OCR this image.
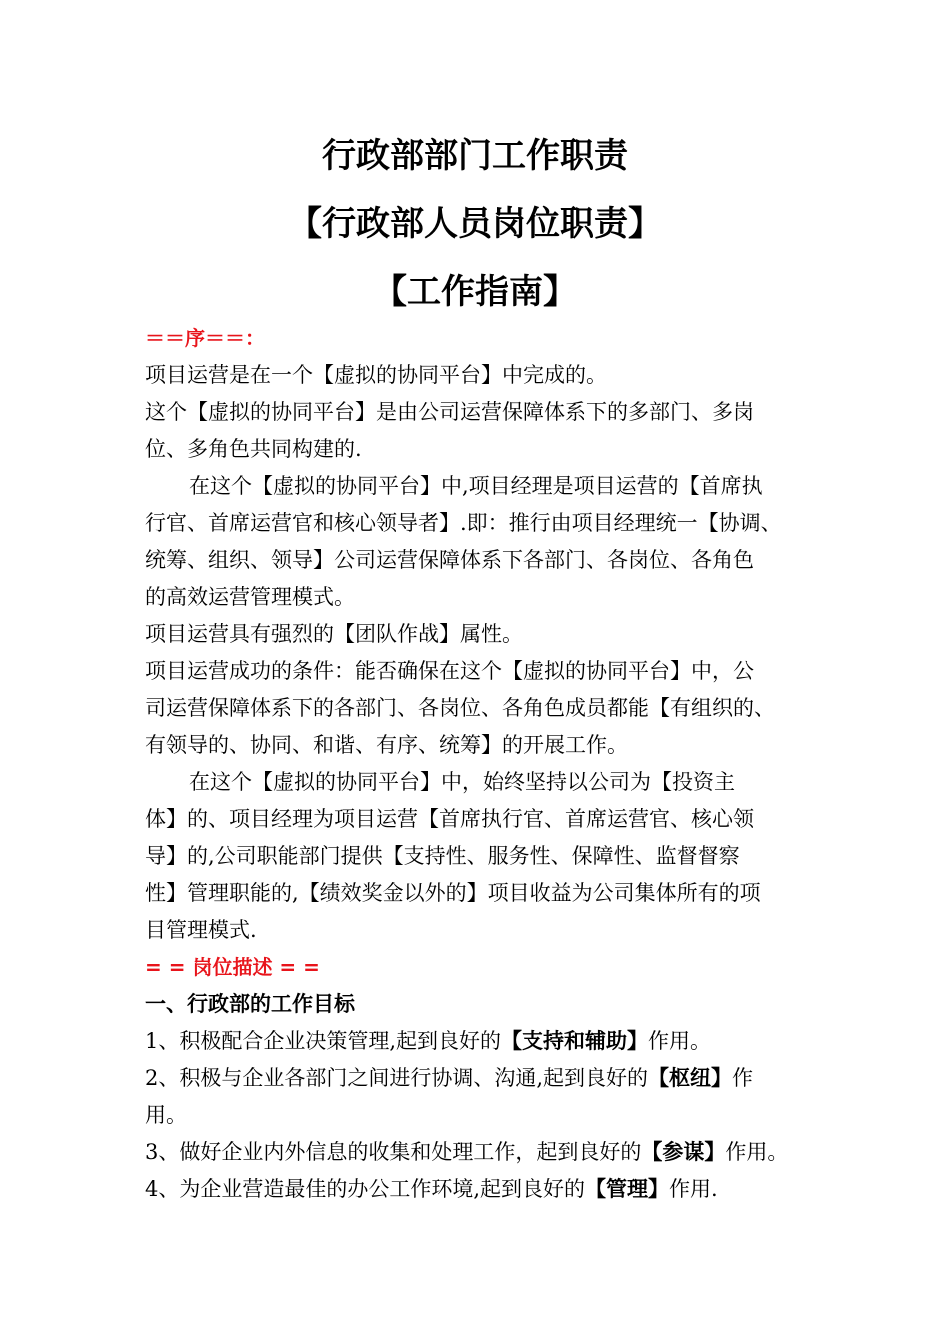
行政部部门工作职责
【行政部人员岗位职责】
【工作指南】
＝＝序＝＝：
项目运营是在一个【虚拟的协同平台】中完成的。
这个【虚拟的协同平台】是由公司运营保障体系下的多部门、多岗
位、多角色共同构建的.
在这个【虚拟的协同平台】中,项目经理是项目运营的【首席执
行官、首席运营官和核心领导者】.即：推行由项目经理统一【协调、
统筹、组织、领导】公司运营保障体系下各部门、各岗位、各角色
的高效运营管理模式。
项目运营具有强烈的【团队作战】属性。
项目运营成功的条件：能否确保在这个【虚拟的协同平台】中，公
司运营保障体系下的各部门、各岗位、各角色成员都能【有组织的、
有领导的、协同、和谐、有序、统筹】的开展工作。
在这个【虚拟的协同平台】中，始终坚持以公司为【投资主
体】的、项目经理为项目运营【首席执行官、首席运营官、核心领
导】的,公司职能部门提供【支持性、服务性、保障性、监督督察
性】管理职能的,【绩效奖金以外的】项目收益为公司集体所有的项
目管理模式.
= = 岗位描述 = =
一、行政部的工作目标
1、积极配合企业决策管理,起到良好的【支持和辅助】作用。
2、积极与企业各部门之间进行协调、沟通,起到良好的【枢纽】作
用。
3、做好企业内外信息的收集和处理工作，起到良好的【参谋】作用。
4、为企业营造最佳的办公工作环境,起到良好的【管理】作用.
